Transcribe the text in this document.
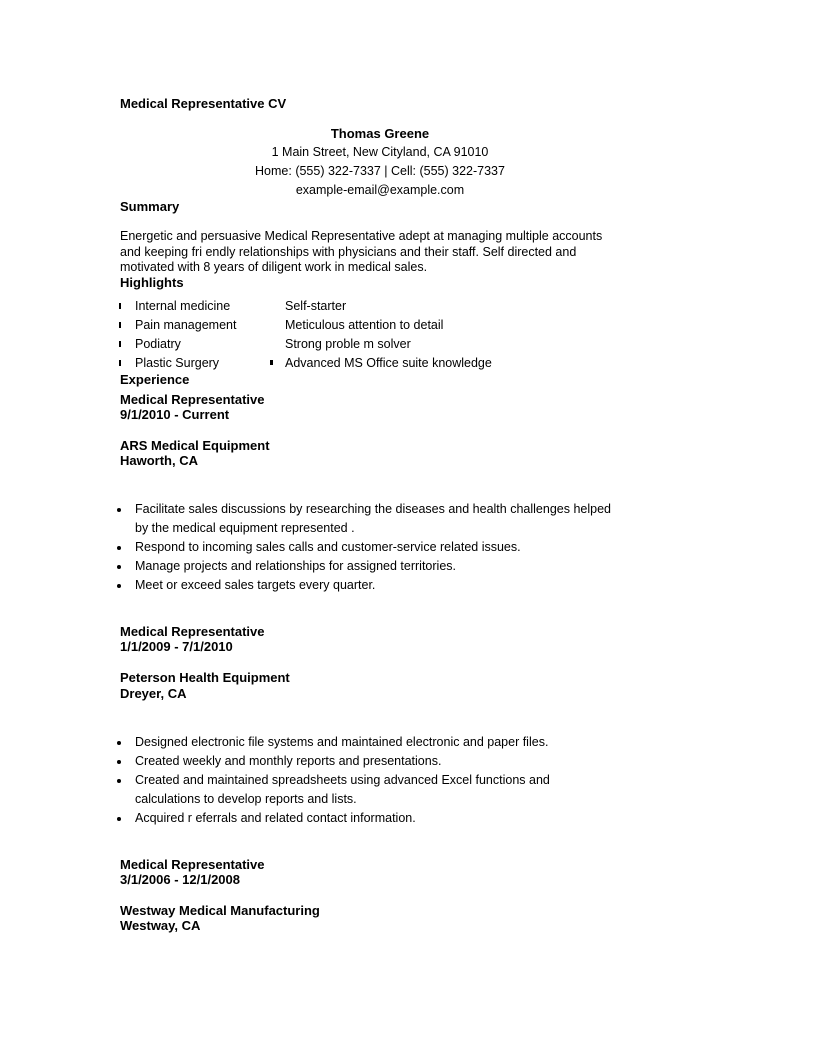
Medical Representative CV
Thomas Greene
1 Main Street, New Cityland, CA 91010
Home: (555) 322-7337 | Cell: (555) 322-7337
example-email@example.com
Summary
Energetic and persuasive Medical Representative adept at managing multiple accounts
and keeping fri endly relationships with physicians and their staff. Self directed and
motivated with 8 years of diligent work in medical sales.
Highlights
Internal medicine
Pain management
Podiatry
Plastic Surgery
Self-starter
Meticulous attention to detail
Strong proble m solver
Advanced MS Office suite knowledge
Experience
Medical Representative
9/1/2010 - Current
ARS Medical Equipment
Haworth, CA
Facilitate sales discussions by researching the diseases and health challenges helped
by the medical equipment represented .
Respond to incoming sales calls and customer-service related issues.
Manage projects and relationships for assigned territories.
Meet or exceed sales targets every quarter.
Medical Representative
1/1/2009 - 7/1/2010
Peterson Health Equipment
Dreyer, CA
Designed electronic file systems and maintained electronic and paper files.
Created weekly and monthly reports and presentations.
Created and maintained spreadsheets using advanced Excel functions and
calculations to develop reports and lists.
Acquired r eferrals and related contact information.
Medical Representative
3/1/2006 - 12/1/2008
Westway Medical Manufacturing
Westway, CA
